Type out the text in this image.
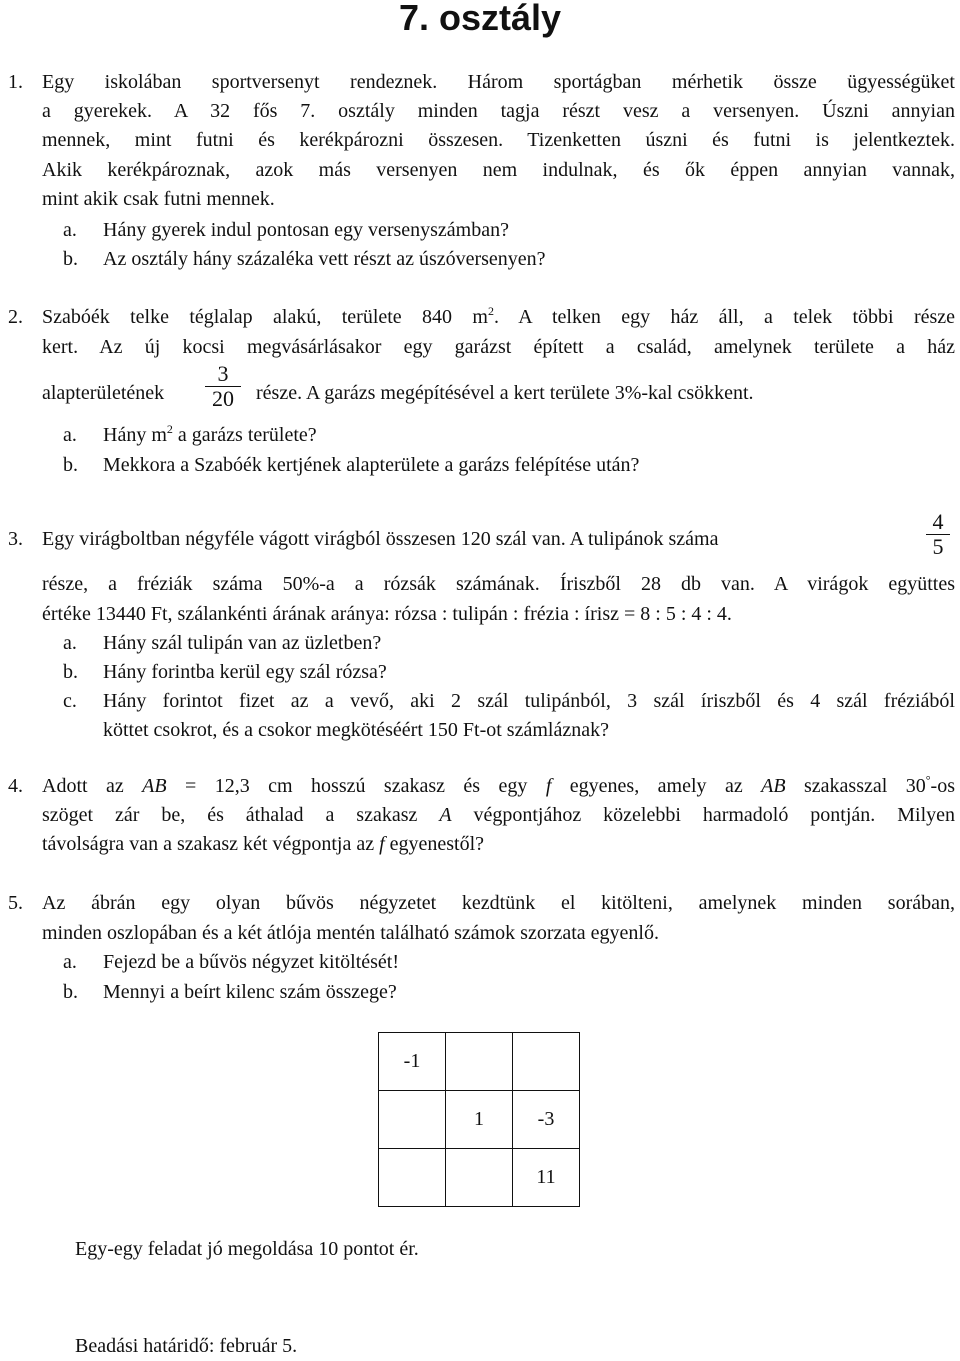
7. osztály
1. Egy iskolában sportversenyt rendeznek. Három sportágban mérhetik össze ügyességüket
a gyerekek. A 32 fős 7. osztály minden tagja részt vesz a versenyen. Úszni annyian
mennek, mint futni és kerékpározni összesen. Tizenketten úszni és futni is jelentkeztek.
Akik kerékpároznak, azok más versenyen nem indulnak, és ők éppen annyian vannak,
mint akik csak futni mennek.
a. Hány gyerek indul pontosan egy versenyszámban?
b. Az osztály hány százaléka vett részt az úszóversenyen?
2. Szabóék telke téglalap alakú, területe 840 $m^2$. A telken egy ház áll, a telek többi része
kert. Az új kocsi megvásárlásakor egy garázst épített a család, amelynek területe a ház
alapterületének
3
20	része. A garázs megépítésével a kert területe 3%-kal csökkent.
a. Hány $m^2$ a garázs területe?
b. Mekkora a Szabóék kertjének alapterülete a garázs felépítése után?
3. Egy virágboltban négyféle vágott virágból összesen 120 szál van. A tulipánok száma
4
5
része, a fréziák száma 50%-a a rózsák számának. Íriszből 28 db van. A virágok együttes
értéke 13440 Ft, szálankénti árának aránya: rózsa : tulipán : frézia : írisz = 8 : 5 : 4 : 4.
a. Hány szál tulipán van az üzletben?
b. Hány forintba kerül egy szál rózsa?
c. Hány forintot fizet az a vevő, aki 2 szál tulipánból, 3 szál íriszből és 4 szál fréziából
köttet csokrot, és a csokor megkötéséért 150 Ft-ot számláznak?
4. Adott az AB = 12,3 cm hosszú szakasz és egy f egyenes, amely az AB szakasszal 30°-os
szöget zár be, és áthalad a szakasz A végpontjához közelebbi harmadoló pontján. Milyen
távolságra van a szakasz két végpontja az f egyenestől?
5. Az ábrán egy olyan bűvös négyzetet kezdtünk el kitölteni, amelynek minden sorában,
minden oszlopában és a két átlója mentén található számok szorzata egyenlő.
a. Fejezd be a bűvös négyzet kitöltését!
b. Mennyi a beírt kilenc szám összege?
-1		
	1	-3
		11
Egy-egy feladat jó megoldása 10 pontot ér.
Beadási határidő: február 5.
